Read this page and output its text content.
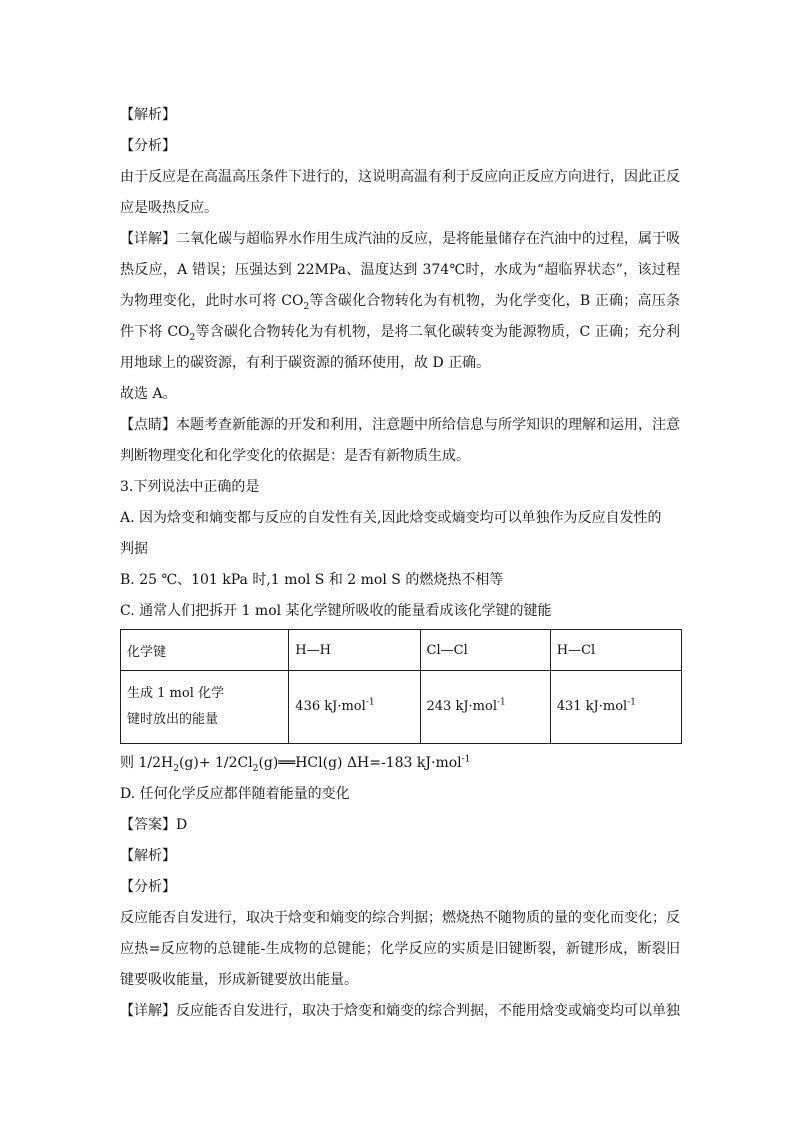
【解析】
【分析】
由于反应是在高温高压条件下进行的，这说明高温有利于反应向正反应方向进行，因此正反应是吸热反应。
【详解】二氧化碳与超临界水作用生成汽油的反应，是将能量储存在汽油中的过程，属于吸热反应，A 错误；压强达到 22MPa、温度达到 374℃时，水成为“超临界状态”，该过程为物理变化，此时水可将 $CO_2$等含碳化合物转化为有机物，为化学变化，B 正确；高压条件下将 $CO_2$等含碳化合物转化为有机物，是将二氧化碳转变为能源物质，C 正确；充分利用地球上的碳资源，有利于碳资源的循环使用，故 D 正确。
故选 A。
【点睛】本题考查新能源的开发和利用，注意题中所给信息与所学知识的理解和运用，注意判断物理变化和化学变化的依据是：是否有新物质生成。
3.下列说法中正确的是
A. 因为焓变和熵变都与反应的自发性有关,因此焓变或熵变均可以单独作为反应自发性的
判据
B. 25 ℃、101 kPa 时,1 mol S 和 2 mol S 的燃烧热不相等
C. 通常人们把拆开 1 mol 某化学键所吸收的能量看成该化学键的键能
化学键	H—H	Cl—Cl	H—Cl

生成 1 mol 化学
键时放出的能量	436 kJ·mol$^{-1}$	243 kJ·mol$^{-1}$	431 kJ·mol$^{-1}$
则 $1/2H_2(g)+$ $1/2Cl_2(g)══HCl(g)$ ΔH=-183 kJ·mol$^{-1}$
D. 任何化学反应都伴随着能量的变化
【答案】D
【解析】
【分析】
反应能否自发进行，取决于焓变和熵变的综合判据；燃烧热不随物质的量的变化而变化；反应热=反应物的总键能-生成物的总键能；化学反应的实质是旧键断裂，新键形成，断裂旧键要吸收能量，形成新键要放出能量。
【详解】反应能否自发进行，取决于焓变和熵变的综合判据，不能用焓变或熵变均可以单独
